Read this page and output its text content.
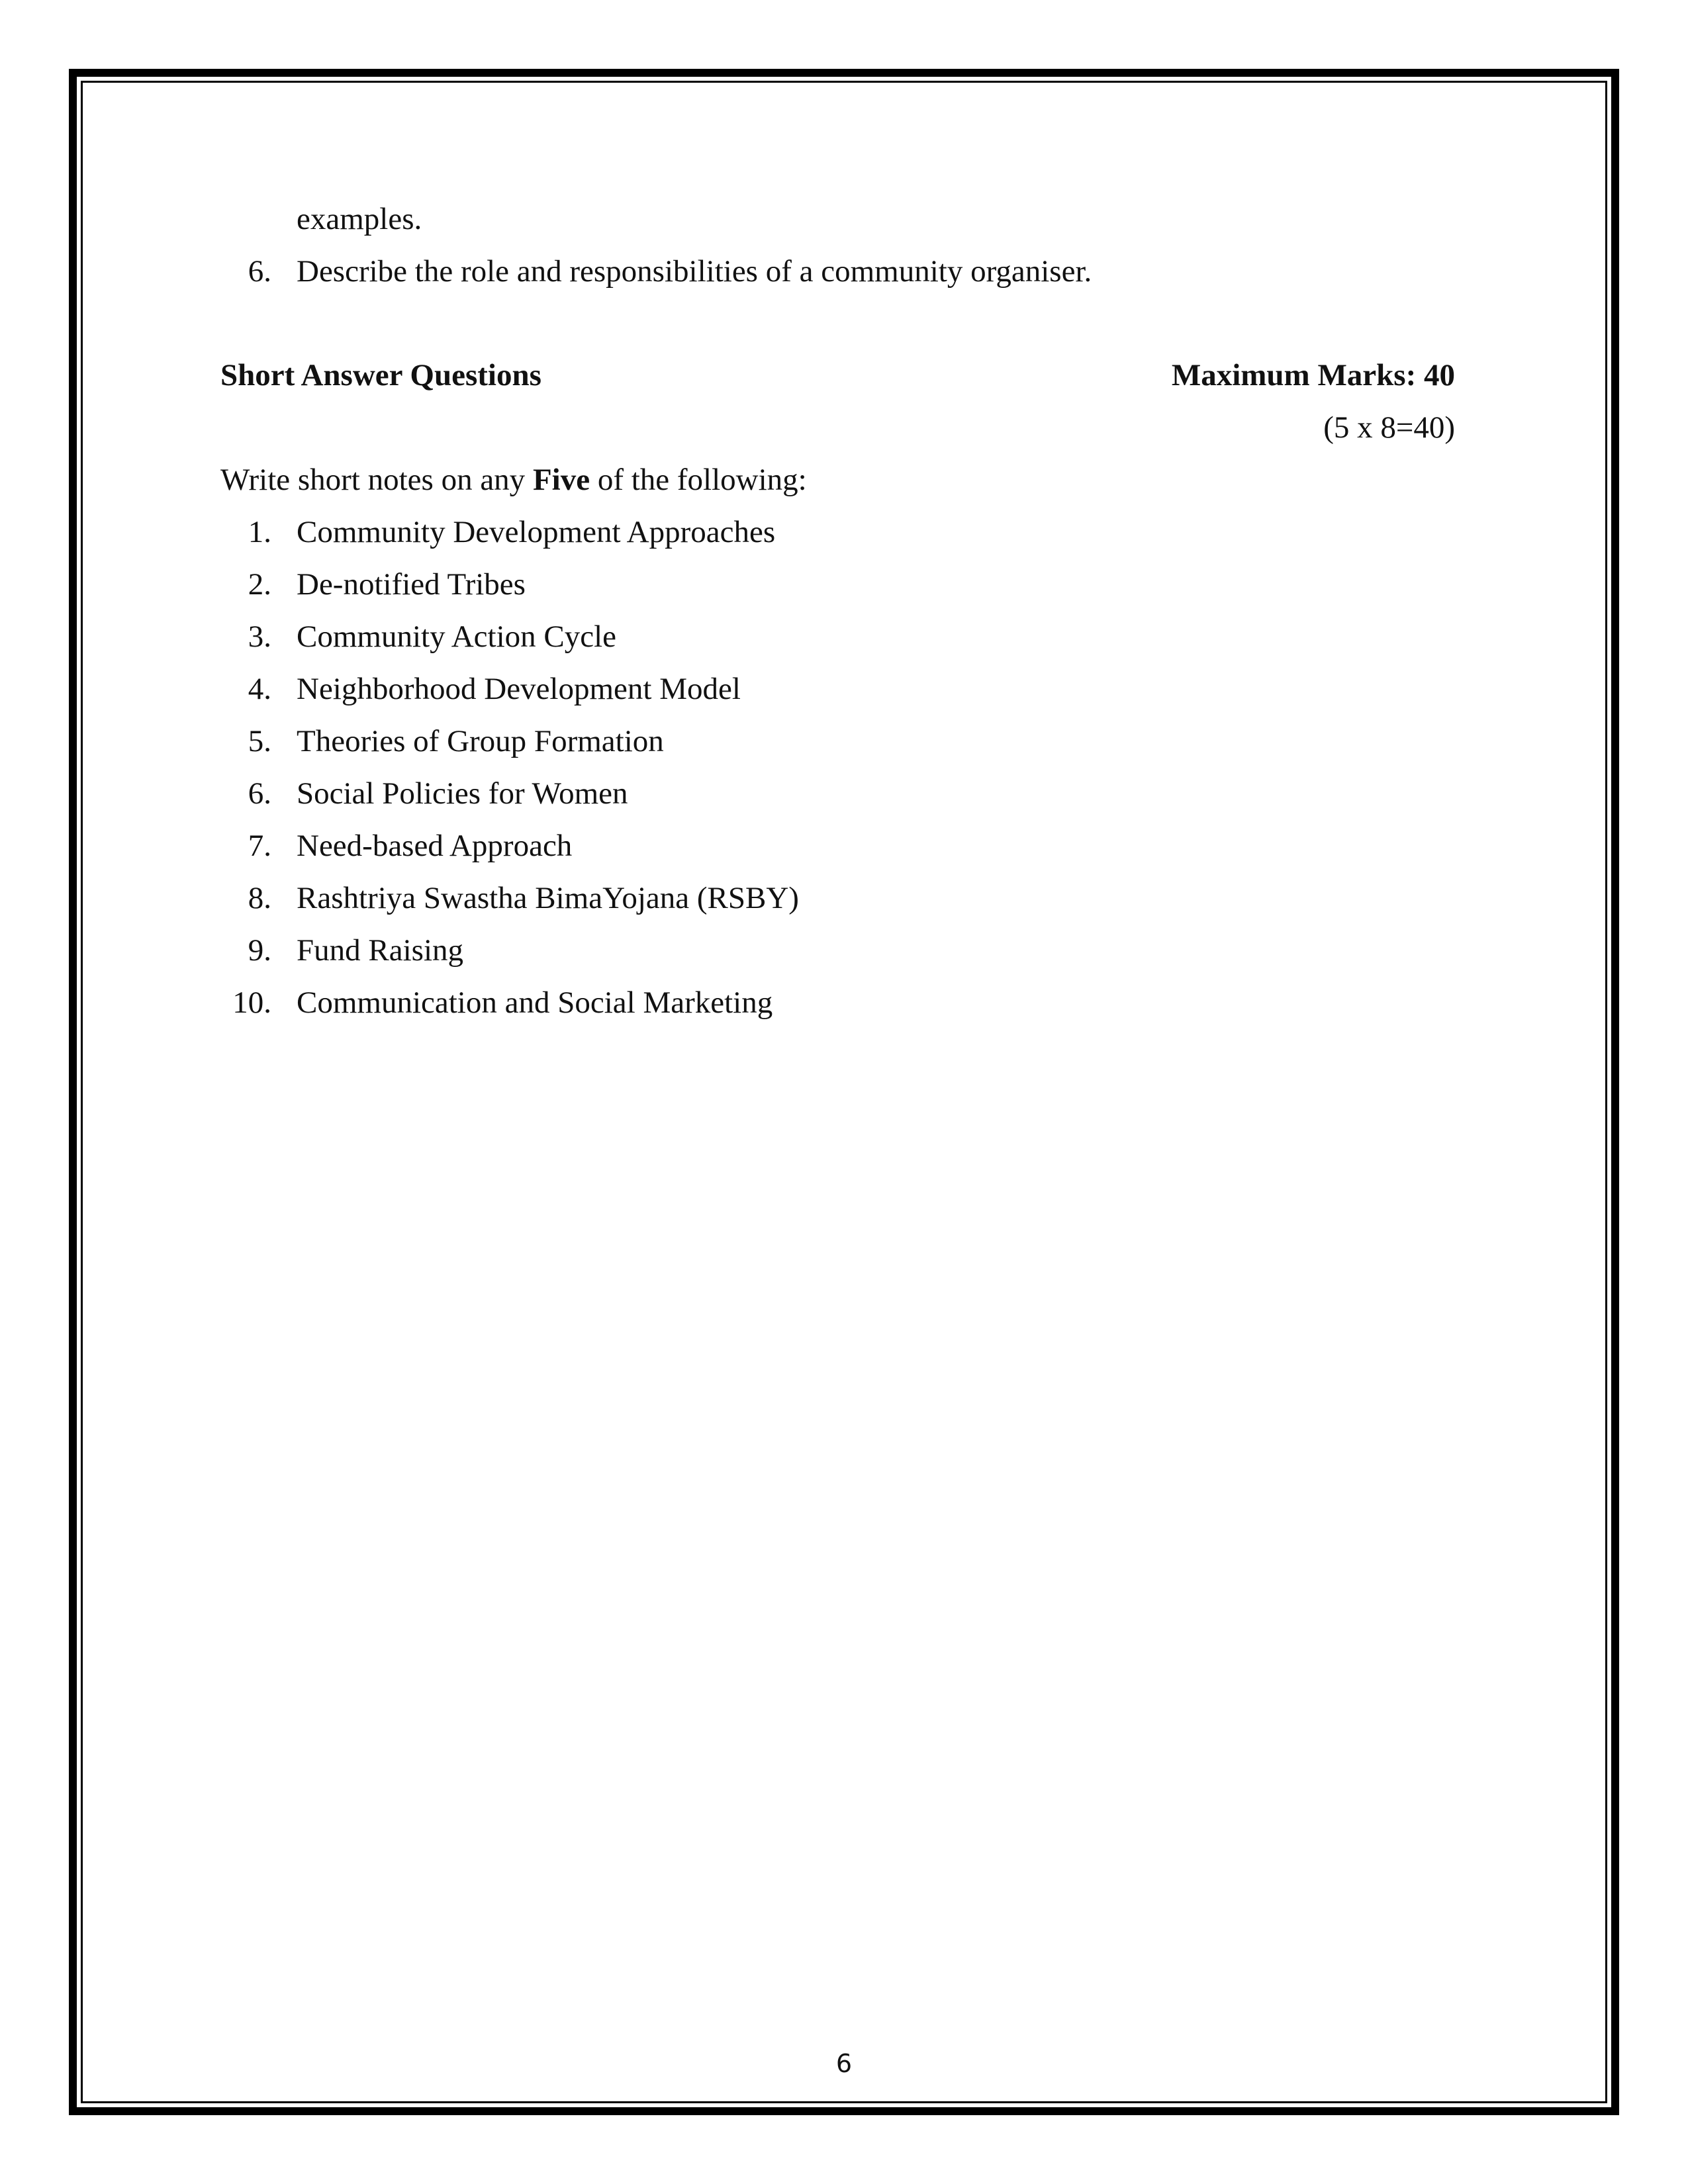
examples.
6. Describe the role and responsibilities of a community organiser.
Short Answer Questions	Maximum Marks: 40
(5 x 8=40)
Write short notes on any Five of the following:
1. Community Development Approaches
2. De-notified Tribes
3. Community Action Cycle
4. Neighborhood Development Model
5. Theories of Group Formation
6. Social Policies for Women
7. Need-based Approach
8. Rashtriya Swastha BimaYojana (RSBY)
9. Fund Raising
10. Communication and Social Marketing
6
